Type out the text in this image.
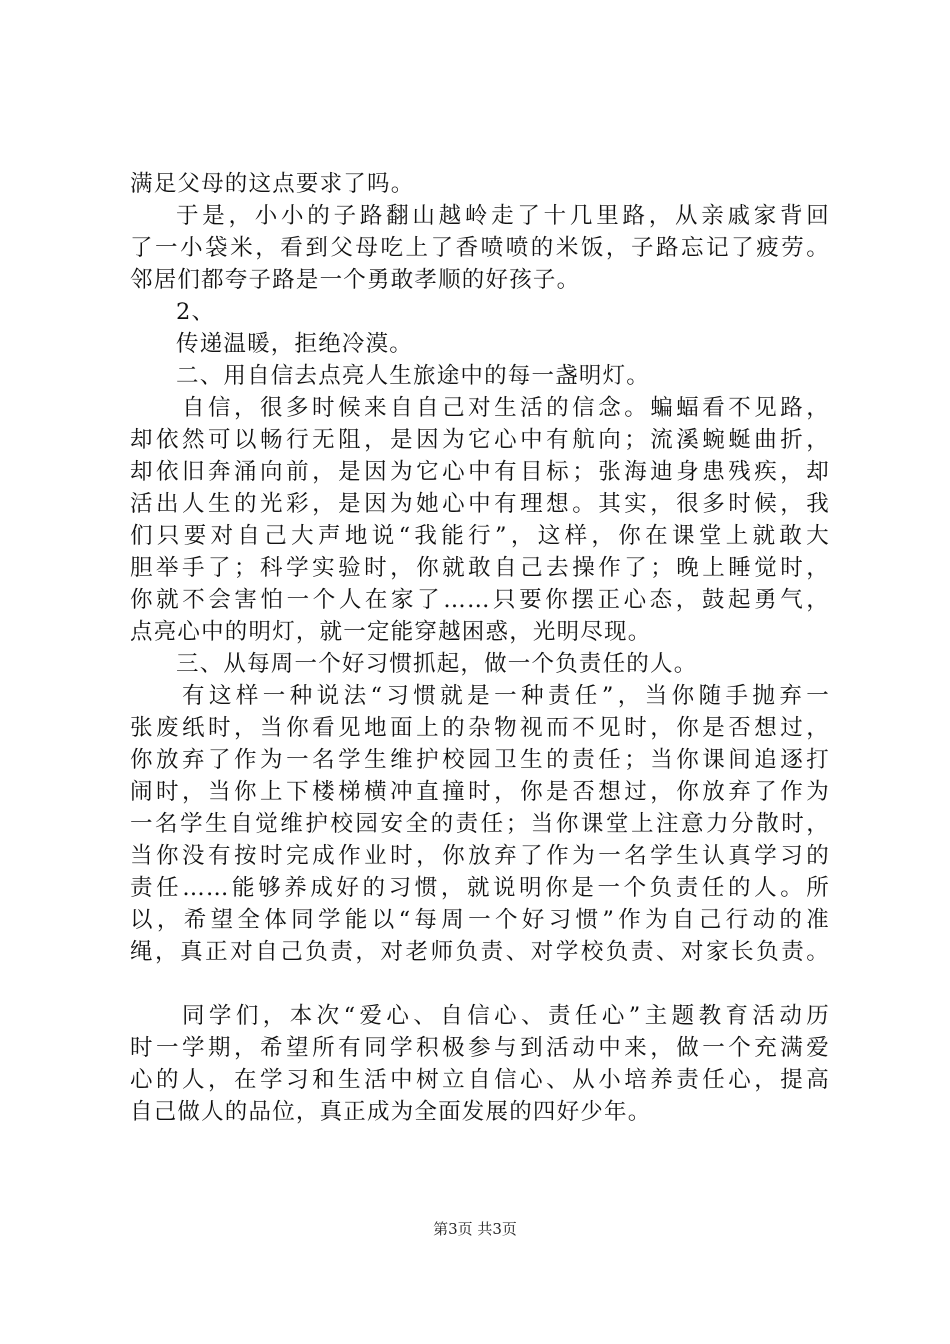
满足父母的这点要求了吗。

于是，小小的子路翻山越岭走了十几里路，从亲戚家背回

了一小袋米，看到父母吃上了香喷喷的米饭，子路忘记了疲劳。

邻居们都夸子路是一个勇敢孝顺的好孩子。

2、

传递温暖，拒绝冷漠。

二、用自信去点亮人生旅途中的每一盏明灯。

自信，很多时候来自自己对生活的信念。蝙蝠看不见路，

却依然可以畅行无阻，是因为它心中有航向；流溪蜿蜒曲折，

却依旧奔涌向前，是因为它心中有目标；张海迪身患残疾，却

活出人生的光彩，是因为她心中有理想。其实，很多时候，我

们只要对自己大声地说“我能行”，这样，你在课堂上就敢大

胆举手了；科学实验时，你就敢自己去操作了；晚上睡觉时，

你就不会害怕一个人在家了……只要你摆正心态，鼓起勇气，

点亮心中的明灯，就一定能穿越困惑，光明尽现。

三、从每周一个好习惯抓起，做一个负责任的人。

有这样一种说法“习惯就是一种责任”，当你随手抛弃一

张废纸时，当你看见地面上的杂物视而不见时，你是否想过，

你放弃了作为一名学生维护校园卫生的责任；当你课间追逐打

闹时，当你上下楼梯横冲直撞时，你是否想过，你放弃了作为

一名学生自觉维护校园安全的责任；当你课堂上注意力分散时，

当你没有按时完成作业时，你放弃了作为一名学生认真学习的

责任……能够养成好的习惯，就说明你是一个负责任的人。所

以，希望全体同学能以“每周一个好习惯”作为自己行动的准

绳，真正对自己负责，对老师负责、对学校负责、对家长负责。

同学们，本次“爱心、自信心、责任心”主题教育活动历

时一学期，希望所有同学积极参与到活动中来，做一个充满爱

心的人，在学习和生活中树立自信心、从小培养责任心，提高

自己做人的品位，真正成为全面发展的四好少年。

第3页 共3页
